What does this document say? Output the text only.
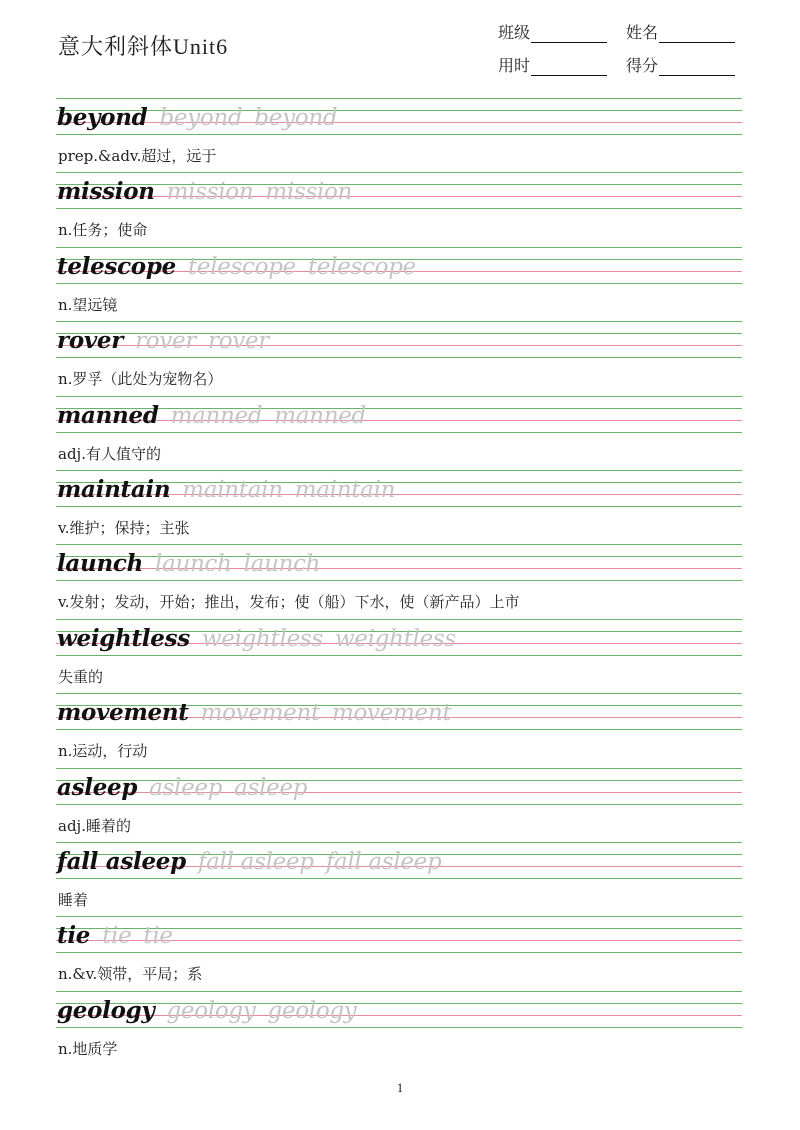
意大利斜体Unit6
班级	姓名
用时	得分
beyond beyond beyond
prep.&adv.超过，远于
mission mission mission
n.任务；使命
telescope telescope telescope
n.望远镜
rover rover rover
n.罗孚（此处为宠物名）
manned manned manned
adj.有人值守的
maintain maintain maintain
v.维护；保持；主张
launch launch launch
v.发射；发动，开始；推出，发布；使（船）下水，使（新产品）上市
weightless weightless weightless
失重的
movement movement movement
n.运动，行动
asleep asleep asleep
adj.睡着的
fall asleep fall asleep fall asleep
睡着
tie tie tie
n.&v.领带，平局；系
geology geology geology
n.地质学
1
